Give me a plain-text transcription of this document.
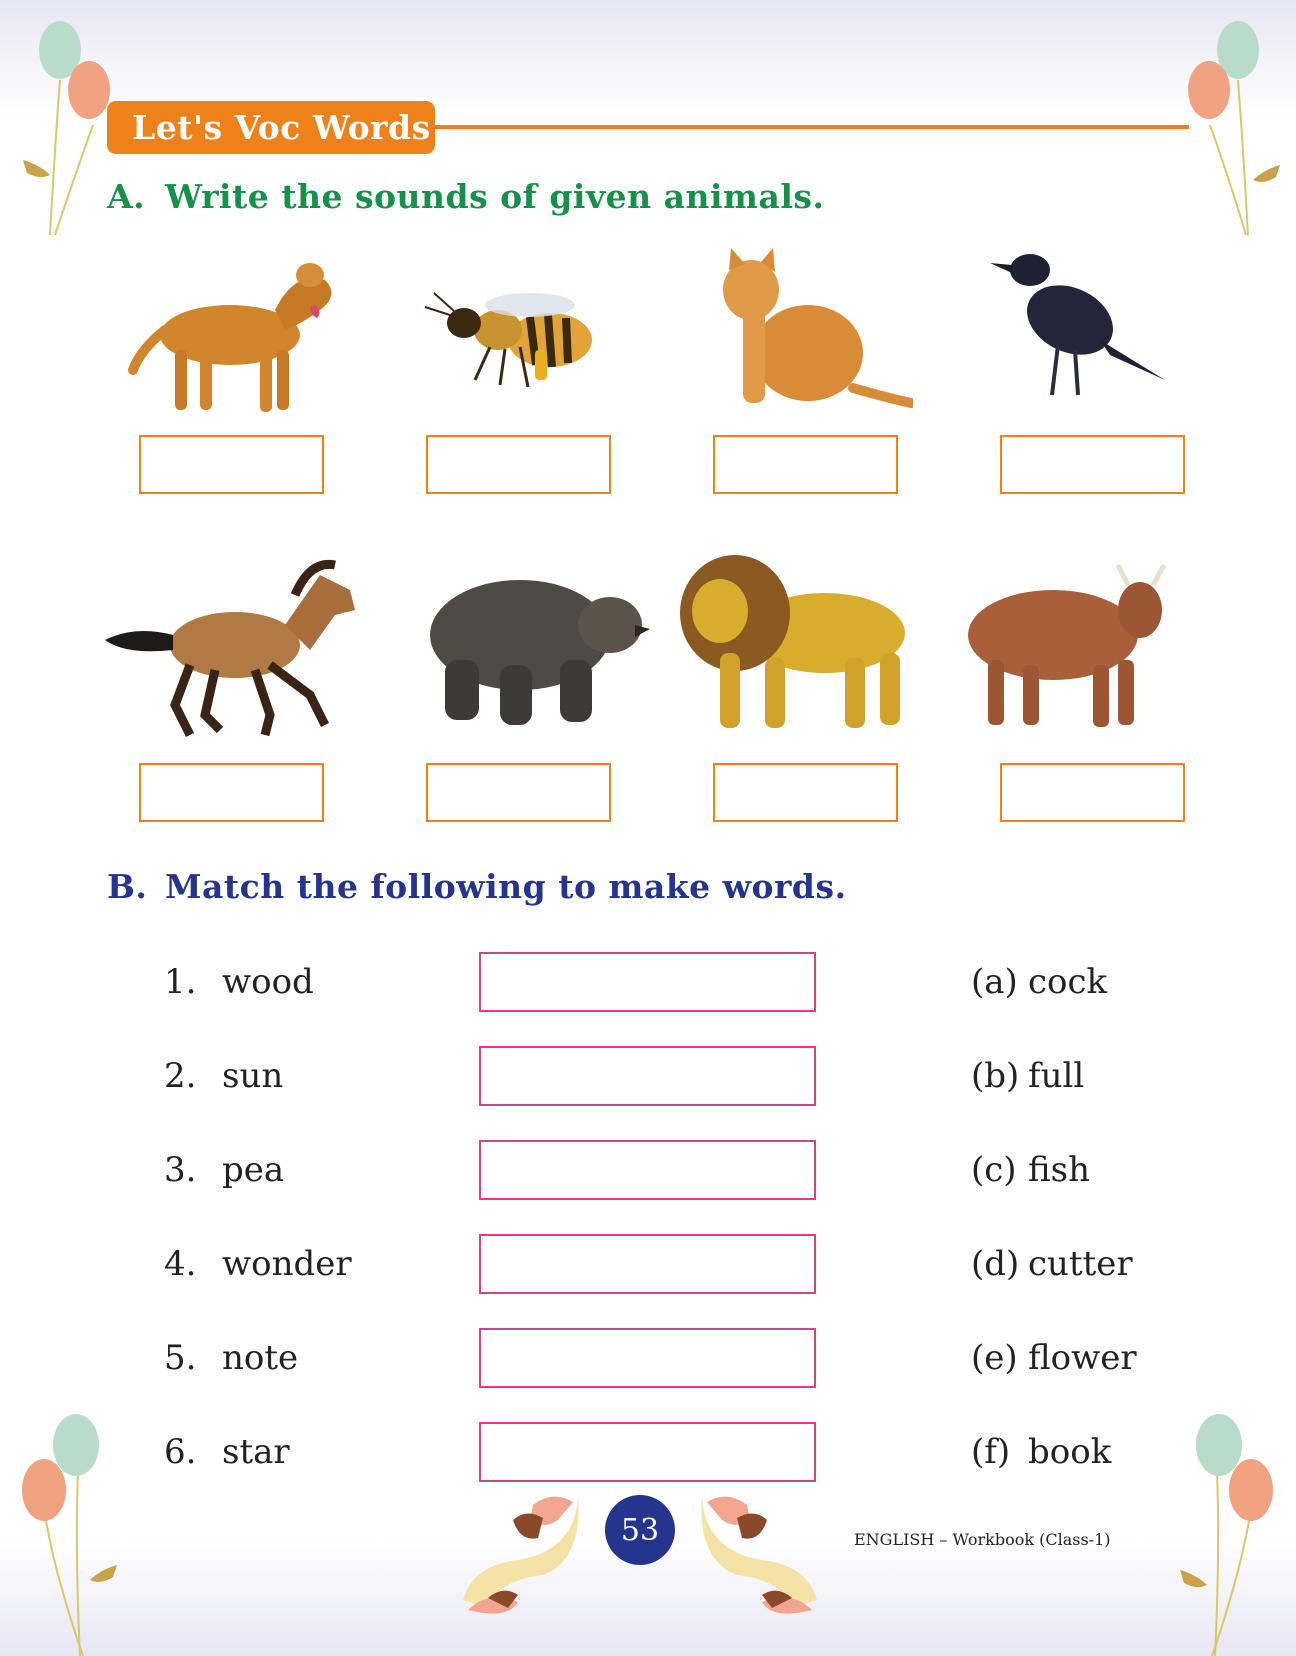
Let's Voc Words
A. Write the sounds of given animals.
B. Match the following to make words.
1. wood	(a) cock
2. sun	(b) full
3. pea	(c) fish
4. wonder	(d) cutter
5. note	(e) flower
6. star	(f) book
53	ENGLISH – Workbook (Class-1)
